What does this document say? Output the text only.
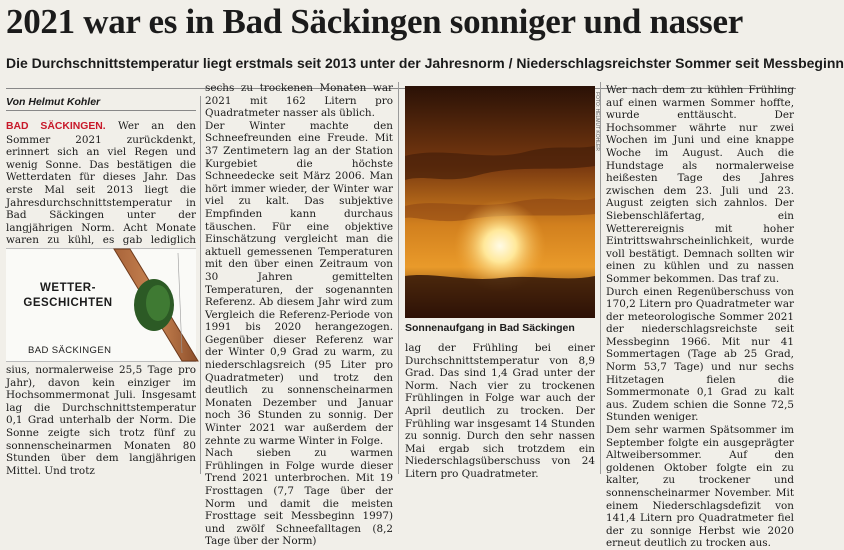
2021 war es in Bad Säckingen sonniger und nasser
Die Durchschnittstemperatur liegt erstmals seit 2013 unter der Jahresnorm / Niederschlagsreichster Sommer seit Messbeginn
Von Helmut Kohler
BAD SÄCKINGEN. Wer an den Sommer 2021 zurückdenkt, erinnert sich an viel Regen und wenig Sonne. Das bestätigen die Wetterdaten für dieses Jahr. Das erste Mal seit 2013 liegt die Jahresdurchschnittstemperatur in Bad Säckingen unter der langjährigen Norm. Acht Monate waren zu kühl, es gab lediglich
WETTER-
GESCHICHTEN
BAD SÄCKINGEN
sius, normalerweise 25,5 Tage pro Jahr), davon kein einziger im Hochsommermonat Juli. Insgesamt lag die Durchschnittstemperatur 0,1 Grad unterhalb der Norm. Die Sonne zeigte sich trotz fünf zu sonnenscheinarmen Monaten 80 Stunden über dem langjährigen Mittel. Und trotz
sechs zu trockenen Monaten war 2021 mit 162 Litern pro Quadratmeter nasser als üblich.
Der Winter machte den Schneefreunden eine Freude. Mit 37 Zentimetern lag an der Station Kurgebiet die höchste Schneedecke seit März 2006. Man hört immer wieder, der Winter war viel zu kalt. Das subjektive Empfinden kann durchaus täuschen. Für eine objektive Einschätzung vergleicht man die aktuell gemessenen Temperaturen mit den über einen Zeitraum von 30 Jahren gemittelten Temperaturen, der sogenannten Referenz. Ab diesem Jahr wird zum Vergleich die Referenz-Periode von 1991 bis 2020 herangezogen. Gegenüber dieser Referenz war der Winter 0,9 Grad zu warm, zu niederschlagsreich (95 Liter pro Quadratmeter) und trotz den deutlich zu sonnenscheinarmen Monaten Dezember und Januar noch 36 Stunden zu sonnig. Der Winter 2021 war außerdem der zehnte zu warme Winter in Folge.
Nach sieben zu warmen Frühlingen in Folge wurde dieser Trend 2021 unterbrochen. Mit 19 Frosttagen (7,7 Tage über der Norm und damit die meisten Frosttage seit Messbeginn 1997) und zwölf Schneefalltagen (8,2 Tage über der Norm)
FOTO: HELMUT KOHLER
Sonnenaufgang in Bad Säckingen
lag der Frühling bei einer Durchschnittstemperatur von 8,9 Grad. Das sind 1,4 Grad unter der Norm. Nach vier zu trockenen Frühlingen in Folge war auch der April deutlich zu trocken. Der Frühling war insgesamt 14 Stunden zu sonnig. Durch den sehr nassen Mai ergab sich trotzdem ein Niederschlagsüberschuss von 24 Litern pro Quadratmeter.
Wer nach dem zu kühlen Frühling auf einen warmen Sommer hoffte, wurde enttäuscht. Der Hochsommer währte nur zwei Wochen im Juni und eine knappe Woche im August. Auch die Hundstage als normalerweise heißesten Tage des Jahres zwischen dem 23. Juli und 23. August zeigten sich zahnlos. Der Siebenschläfertag, ein Wetterereignis mit hoher Eintrittswahrscheinlichkeit, wurde voll bestätigt. Demnach sollten wir einen zu kühlen und zu nassen Sommer bekommen. Das traf zu.
Durch einen Regenüberschuss von 170,2 Litern pro Quadratmeter war der meteorologische Sommer 2021 der niederschlagsreichste seit Messbeginn 1966. Mit nur 41 Sommertagen (Tage ab 25 Grad, Norm 53,7 Tage) und nur sechs Hitzetagen fielen die Sommermonate 0,1 Grad zu kalt aus. Zudem schien die Sonne 72,5 Stunden weniger.
Dem sehr warmen Spätsommer im September folgte ein ausgeprägter Altweibersommer. Auf den goldenen Oktober folgte ein zu kalter, zu trockener und sonnenscheinarmer November. Mit einem Niederschlagsdefizit von 141,4 Litern pro Quadratmeter fiel der zu sonnige Herbst wie 2020 erneut deutlich zu trocken aus.
